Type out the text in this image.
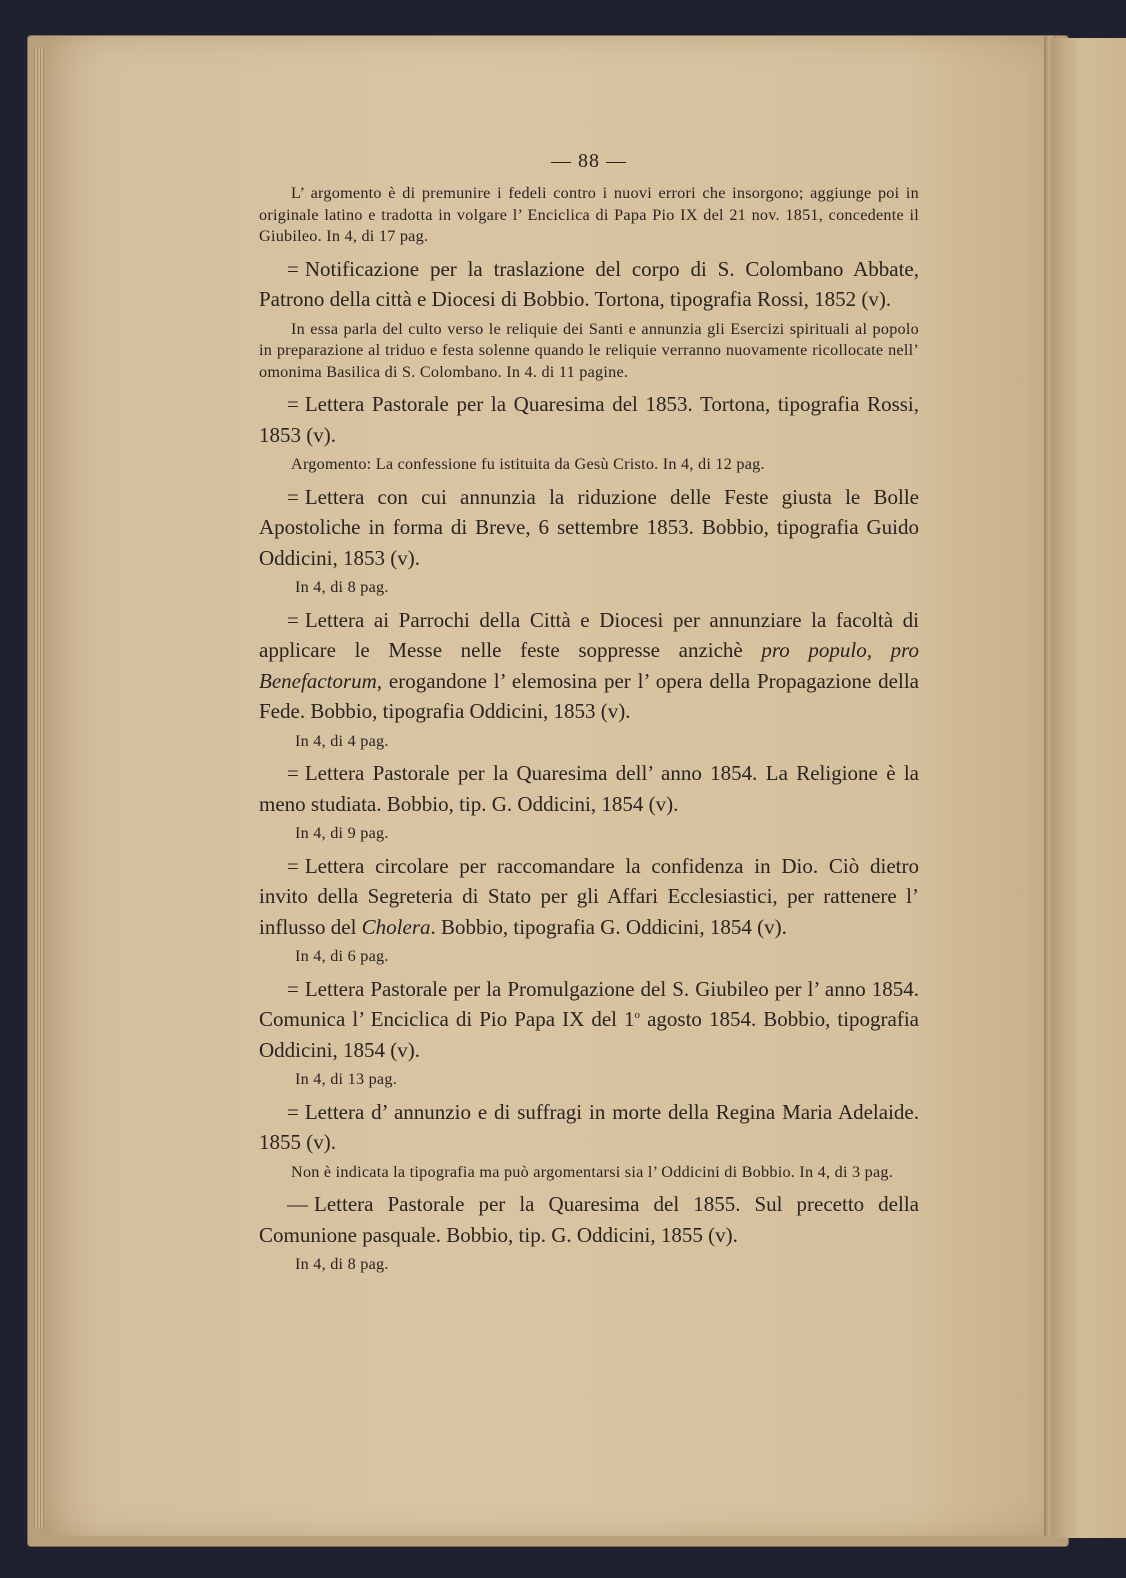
— 88 —

L’ argomento è di premunire i fedeli contro i nuovi errori che insorgono; aggiunge poi in originale latino e tradotta in volgare l’ Enciclica di Papa Pio IX del 21 nov. 1851, concedente il Giubileo. In 4, di 17 pag.

= Notificazione per la traslazione del corpo di S. Colombano Abbate, Patrono della città e Diocesi di Bobbio. Tortona, tipografia Rossi, 1852 (v).

In essa parla del culto verso le reliquie dei Santi e annunzia gli Esercizi spirituali al popolo in preparazione al triduo e festa solenne quando le reliquie verranno nuovamente ricollocate nell’ omonima Basilica di S. Colombano. In 4. di 11 pagine.

= Lettera Pastorale per la Quaresima del 1853. Tortona, tipografia Rossi, 1853 (v).

Argomento: La confessione fu istituita da Gesù Cristo. In 4, di 12 pag.

= Lettera con cui annunzia la riduzione delle Feste giusta le Bolle Apostoliche in forma di Breve, 6 settembre 1853. Bobbio, tipografia Guido Oddicini, 1853 (v).

In 4, di 8 pag.

= Lettera ai Parrochi della Città e Diocesi per annunziare la facoltà di applicare le Messe nelle feste soppresse anzichè pro populo, pro Benefactorum, erogandone l’ elemosina per l’ opera della Propagazione della Fede. Bobbio, tipografia Oddicini, 1853 (v).

In 4, di 4 pag.

= Lettera Pastorale per la Quaresima dell’ anno 1854. La Religione è la meno studiata. Bobbio, tip. G. Oddicini, 1854 (v).

In 4, di 9 pag.

= Lettera circolare per raccomandare la confidenza in Dio. Ciò dietro invito della Segreteria di Stato per gli Affari Ecclesiastici, per rattenere l’ influsso del Cholera. Bobbio, tipografia G. Oddicini, 1854 (v).

In 4, di 6 pag.

= Lettera Pastorale per la Promulgazione del S. Giubileo per l’ anno 1854. Comunica l’ Enciclica di Pio Papa IX del 1$^o$ agosto 1854. Bobbio, tipografia Oddicini, 1854 (v).

In 4, di 13 pag.

= Lettera d’ annunzio e di suffragi in morte della Regina Maria Adelaide. 1855 (v).

Non è indicata la tipografia ma può argomentarsi sia l’ Oddicini di Bobbio. In 4, di 3 pag.

— Lettera Pastorale per la Quaresima del 1855. Sul precetto della Comunione pasquale. Bobbio, tip. G. Oddicini, 1855 (v).

In 4, di 8 pag.
